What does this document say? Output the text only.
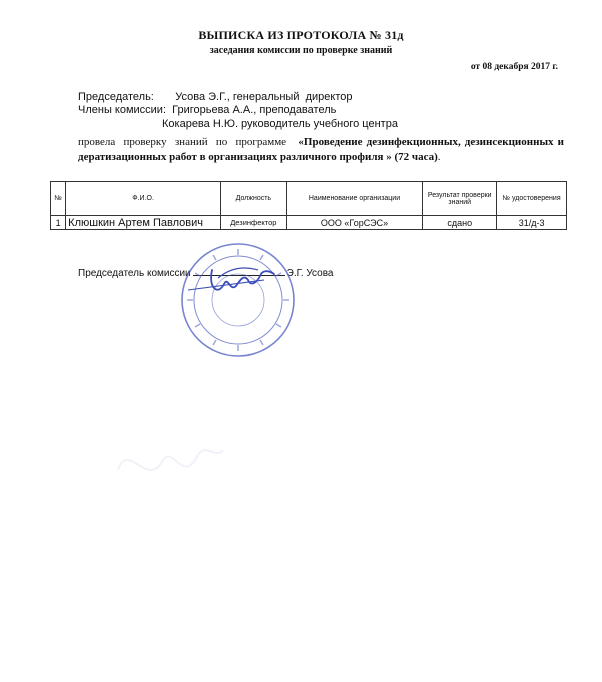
ВЫПИСКА ИЗ ПРОТОКОЛА № 31д
заседания комиссии по проверке знаний
от 08 декабря 2017 г.
Председатель:       Усова Э.Г., генеральный  директор
Члены комиссии:  Григорьева А.А., преподаватель
Кокарева Н.Ю. руководитель учебного центра
провела  проверку  знаний  по  программе «Проведение дезинфекционных, дезинсекционных и дератизационных работ в организациях различного профиля » (72 часа).
№	Ф.И.О.	Должность	Наименование организации	Результат проверки знаний	№ удостоверения
1	Клюшкин Артем Павлович	Дезинфектор	ООО «ГорСЭС»	сдано	31/д-3
Председатель комиссии	Э.Г. Усова
